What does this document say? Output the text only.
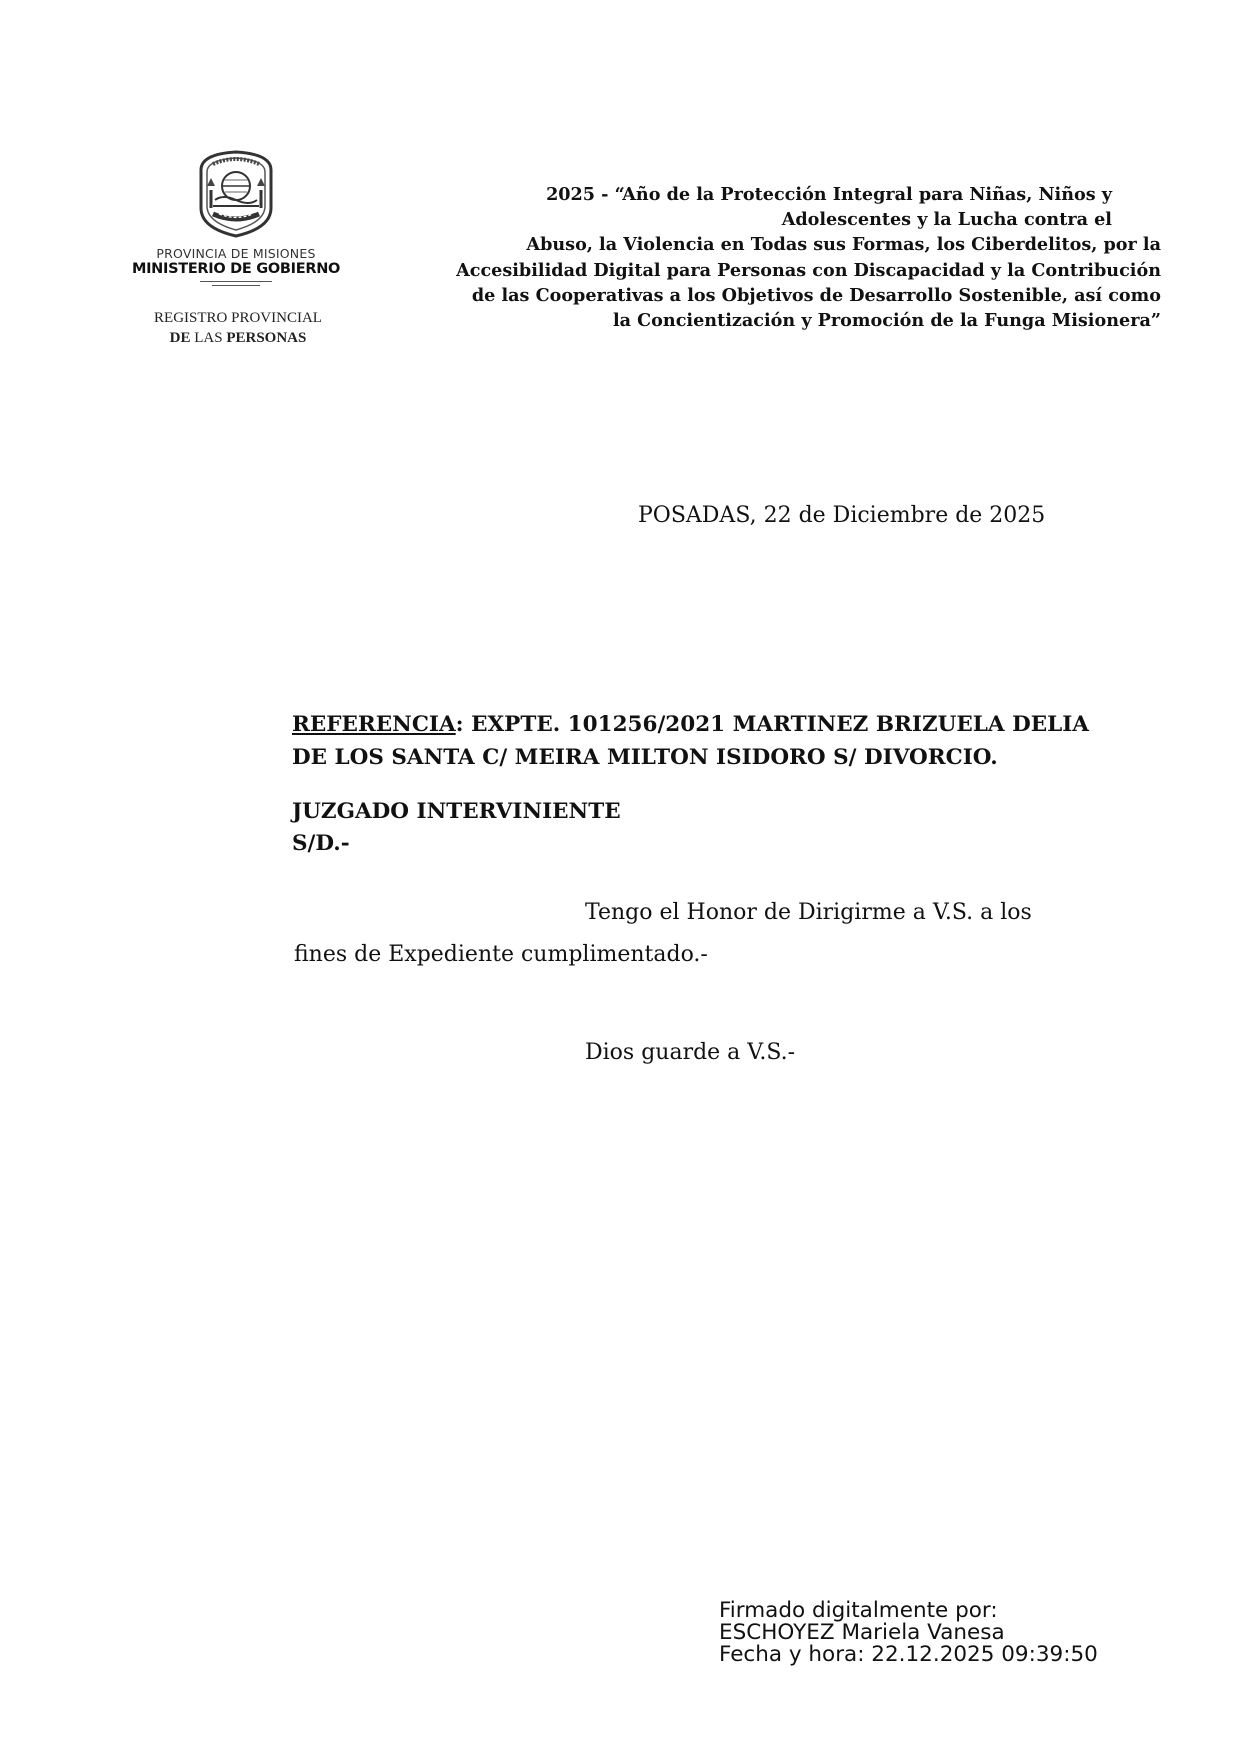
PROVINCIA DE MISIONES
MINISTERIO DE GOBIERNO
REGISTRO PROVINCIAL
DE LAS PERSONAS
2025 - “Año de la Protección Integral para Niñas, Niños y
Adolescentes y la Lucha contra el
Abuso, la Violencia en Todas sus Formas, los Ciberdelitos, por la
Accesibilidad Digital para Personas con Discapacidad y la Contribución
de las Cooperativas a los Objetivos de Desarrollo Sostenible, así como
la Concientización y Promoción de la Funga Misionera”
POSADAS, 22 de Diciembre de 2025
REFERENCIA: EXPTE. 101256/2021 MARTINEZ BRIZUELA DELIA
DE LOS SANTA C/ MEIRA MILTON ISIDORO S/ DIVORCIO.
JUZGADO INTERVINIENTE
S/D.-
Tengo el Honor de Dirigirme a V.S. a los
fines de Expediente cumplimentado.-
Dios guarde a V.S.-
Firmado digitalmente por:
ESCHOYEZ Mariela Vanesa
Fecha y hora: 22.12.2025 09:39:50
